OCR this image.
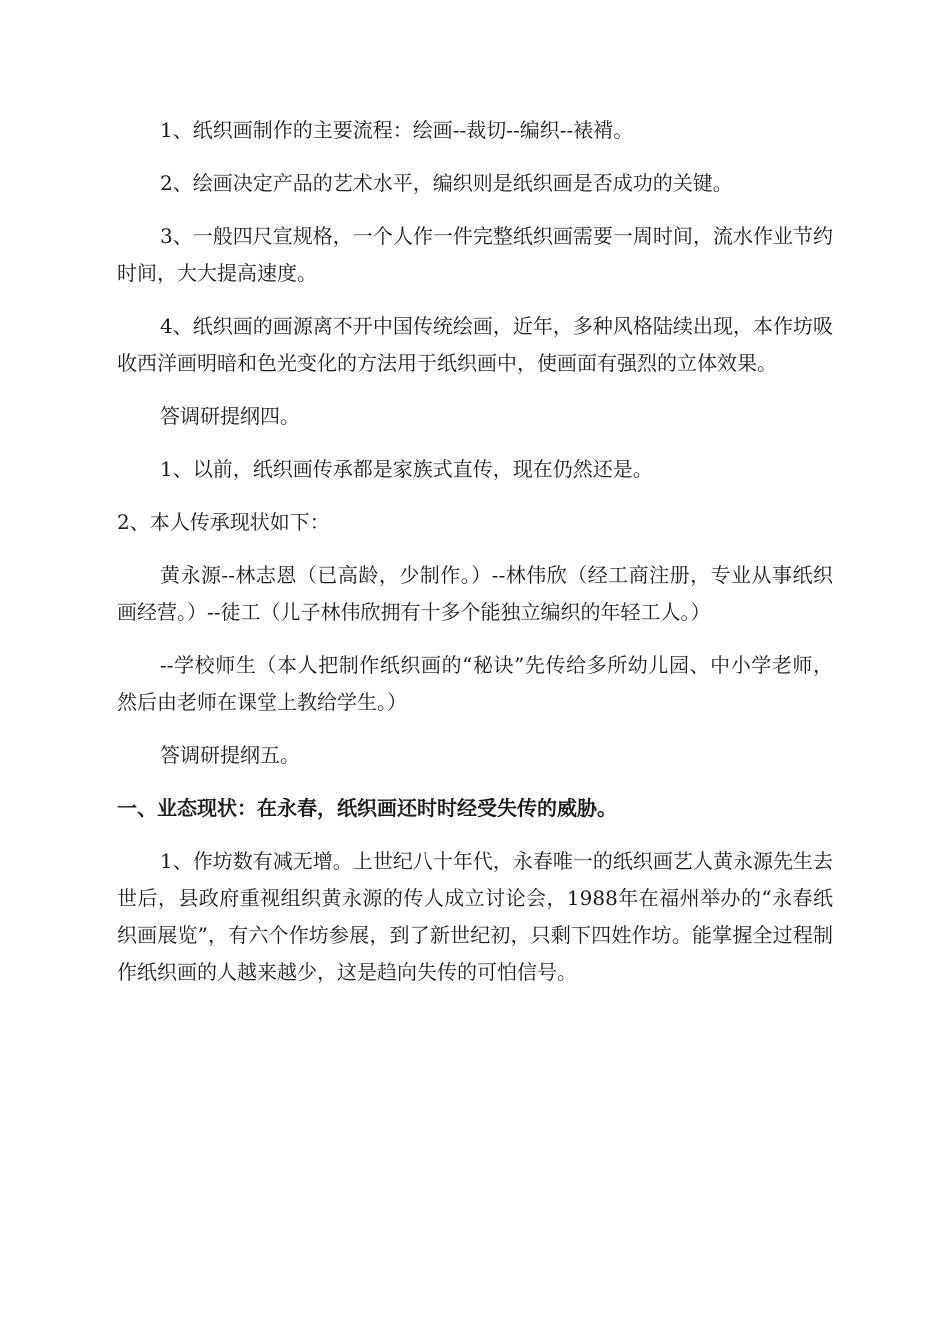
1、纸织画制作的主要流程：绘画--裁切--编织--裱褙。

2、绘画决定产品的艺术水平，编织则是纸织画是否成功的关键。

3、一般四尺宣规格，一个人作一件完整纸织画需要一周时间，流水作业节约时间，大大提高速度。

4、纸织画的画源离不开中国传统绘画，近年，多种风格陆续出现，本作坊吸收西洋画明暗和色光变化的方法用于纸织画中，使画面有强烈的立体效果。

答调研提纲四。

1、以前，纸织画传承都是家族式直传，现在仍然还是。

2、本人传承现状如下：

黄永源--林志恩（已高龄，少制作。）--林伟欣（经工商注册，专业从事纸织画经营。）--徒工（儿子林伟欣拥有十多个能独立编织的年轻工人。）

--学校师生（本人把制作纸织画的“秘诀”先传给多所幼儿园、中小学老师，然后由老师在课堂上教给学生。）

答调研提纲五。

一、业态现状：在永春，纸织画还时时经受失传的威胁。

1、作坊数有减无增。上世纪八十年代，永春唯一的纸织画艺人黄永源先生去世后，县政府重视组织黄永源的传人成立讨论会，1988年在福州举办的“永春纸织画展览”，有六个作坊参展，到了新世纪初，只剩下四姓作坊。能掌握全过程制作纸织画的人越来越少，这是趋向失传的可怕信号。
